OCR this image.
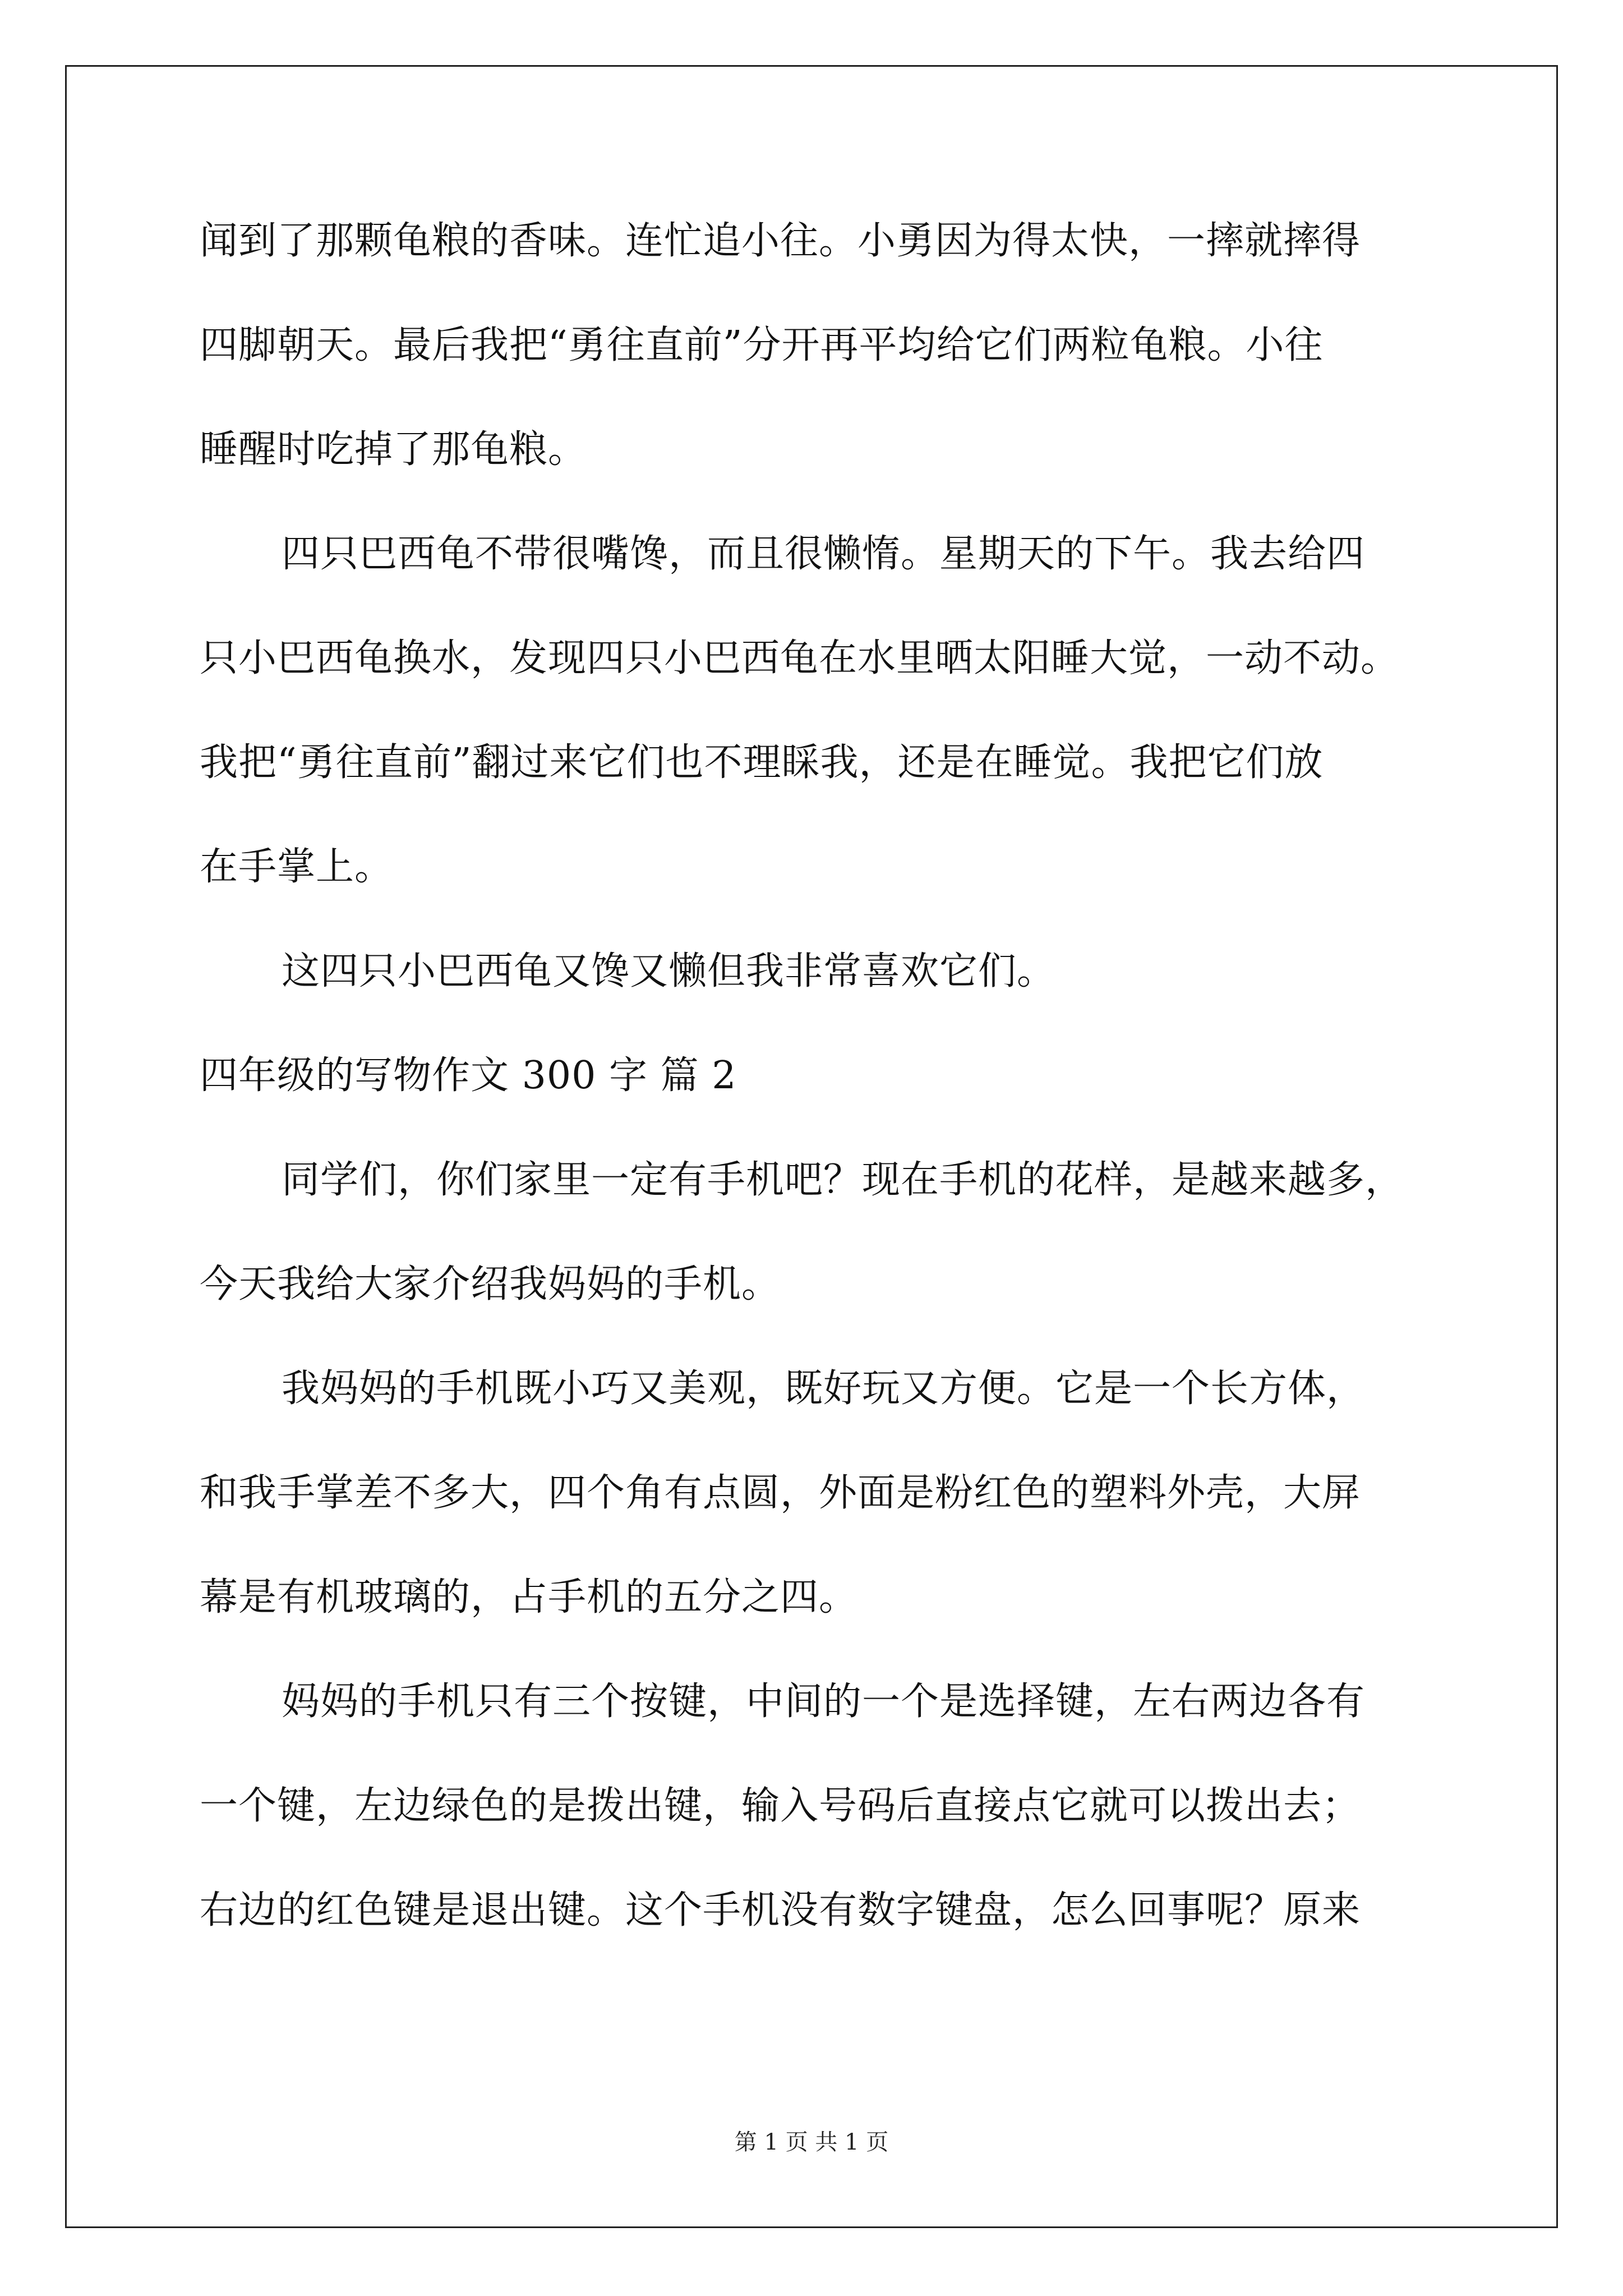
闻到了那颗龟粮的香味。连忙追小往。小勇因为得太快，一摔就摔得
四脚朝天。最后我把“勇往直前”分开再平均给它们两粒龟粮。小往
睡醒时吃掉了那龟粮。
四只巴西龟不带很嘴馋，而且很懒惰。星期天的下午。我去给四
只小巴西龟换水，发现四只小巴西龟在水里晒太阳睡大觉，一动不动。
我把“勇往直前”翻过来它们也不理睬我，还是在睡觉。我把它们放
在手掌上。
这四只小巴西龟又馋又懒但我非常喜欢它们。
四年级的写物作文 300 字 篇 2
同学们，你们家里一定有手机吧？现在手机的花样，是越来越多，
今天我给大家介绍我妈妈的手机。
我妈妈的手机既小巧又美观，既好玩又方便。它是一个长方体，
和我手掌差不多大，四个角有点圆，外面是粉红色的塑料外壳，大屏
幕是有机玻璃的，占手机的五分之四。
妈妈的手机只有三个按键，中间的一个是选择键，左右两边各有
一个键，左边绿色的是拨出键，输入号码后直接点它就可以拨出去；
右边的红色键是退出键。这个手机没有数字键盘，怎么回事呢？原来
第 1 页 共 1 页
